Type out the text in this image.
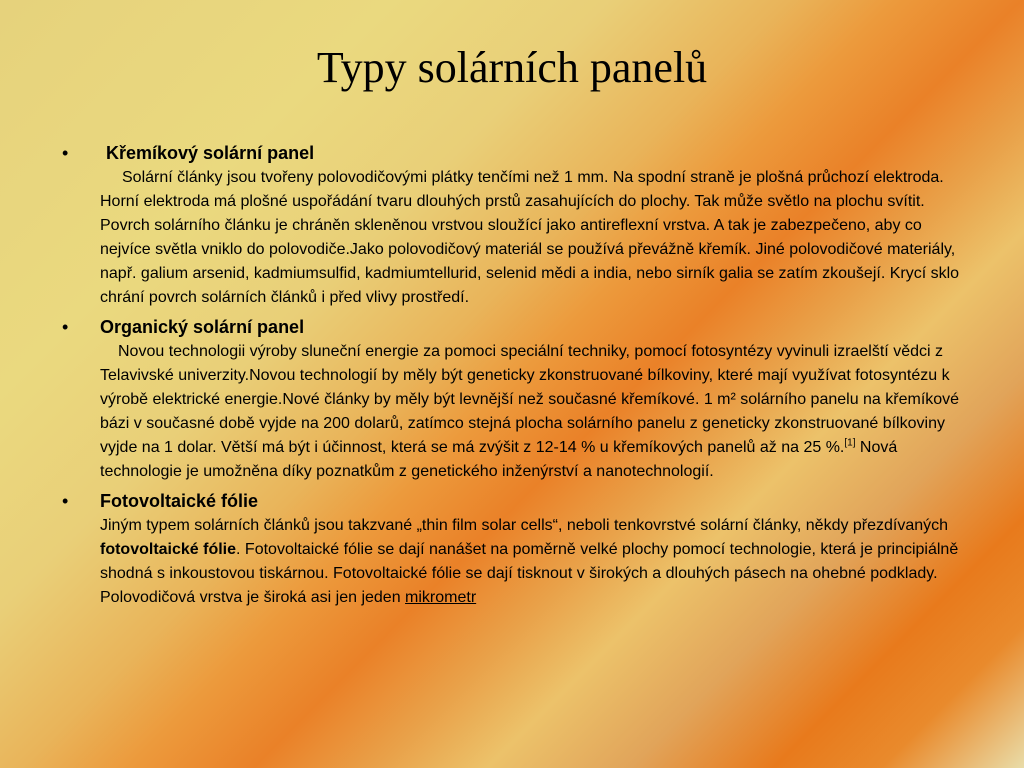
Typy solárních panelů
• Křemíkový solární panel
Solární články jsou tvořeny polovodičovými plátky tenčími než 1 mm. Na spodní straně je plošná průchozí elektroda. Horní elektroda má plošné uspořádání tvaru dlouhých prstů zasahujících do plochy. Tak může světlo na plochu svítit. Povrch solárního článku je chráněn skleněnou vrstvou sloužící jako antireflexní vrstva. A tak je zabezpečeno, aby co nejvíce světla vniklo do polovodiče.Jako polovodičový materiál se používá převážně křemík. Jiné polovodičové materiály, např. galium arsenid, kadmiumsulfid, kadmiumtellurid, selenid mědi a india, nebo sirník galia se zatím zkoušejí. Krycí sklo chrání povrch solárních článků i před vlivy prostředí.
• Organický solární panel
Novou technologii výroby sluneční energie za pomoci speciální techniky, pomocí fotosyntézy vyvinuli izraelští vědci z Telavivské univerzity.Novou technologií by měly být geneticky zkonstruované bílkoviny, které mají využívat fotosyntézu k výrobě elektrické energie.Nové články by měly být levnější než současné křemíkové. 1 m² solárního panelu na křemíkové bázi v současné době vyjde na 200 dolarů, zatímco stejná plocha solárního panelu z geneticky zkonstruované bílkoviny vyjde na 1 dolar. Větší má být i účinnost, která se má zvýšit z 12-14 % u křemíkových panelů až na 25 %.[1] Nová technologie je umožněna díky poznatkům z genetického inženýrství a nanotechnologií.
• Fotovoltaické fólie
Jiným typem solárních článků jsou takzvané „thin film solar cells“, neboli tenkovrstvé solární články, někdy přezdívaných fotovoltaické fólie. Fotovoltaické fólie se dají nanášet na poměrně velké plochy pomocí technologie, která je principiálně shodná s inkoustovou tiskárnou. Fotovoltaické fólie se dají tisknout v širokých a dlouhých pásech na ohebné podklady. Polovodičová vrstva je široká asi jen jeden mikrometr
